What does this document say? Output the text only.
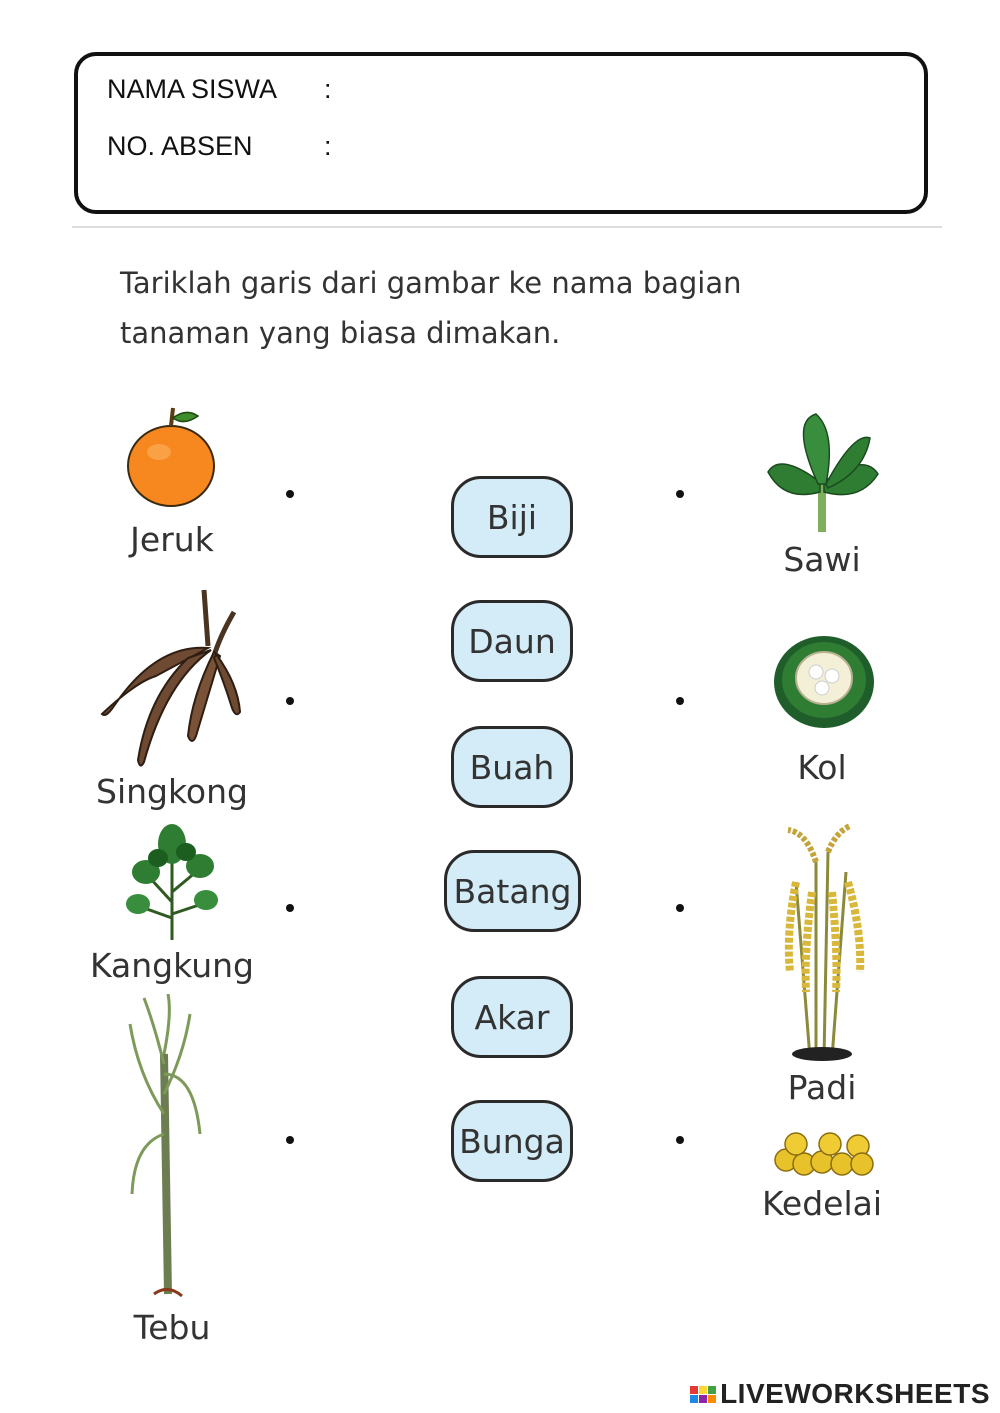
NAMA SISWA :
NO. ABSEN	:
Tariklah garis dari gambar ke nama bagian
tanaman yang biasa dimakan.
Jeruk
Singkong
Kangkung
Tebu
Sawi
Kol
Padi
Kedelai
Biji
Daun
Buah
Batang
Akar
Bunga
LIVEWORKSHEETS
